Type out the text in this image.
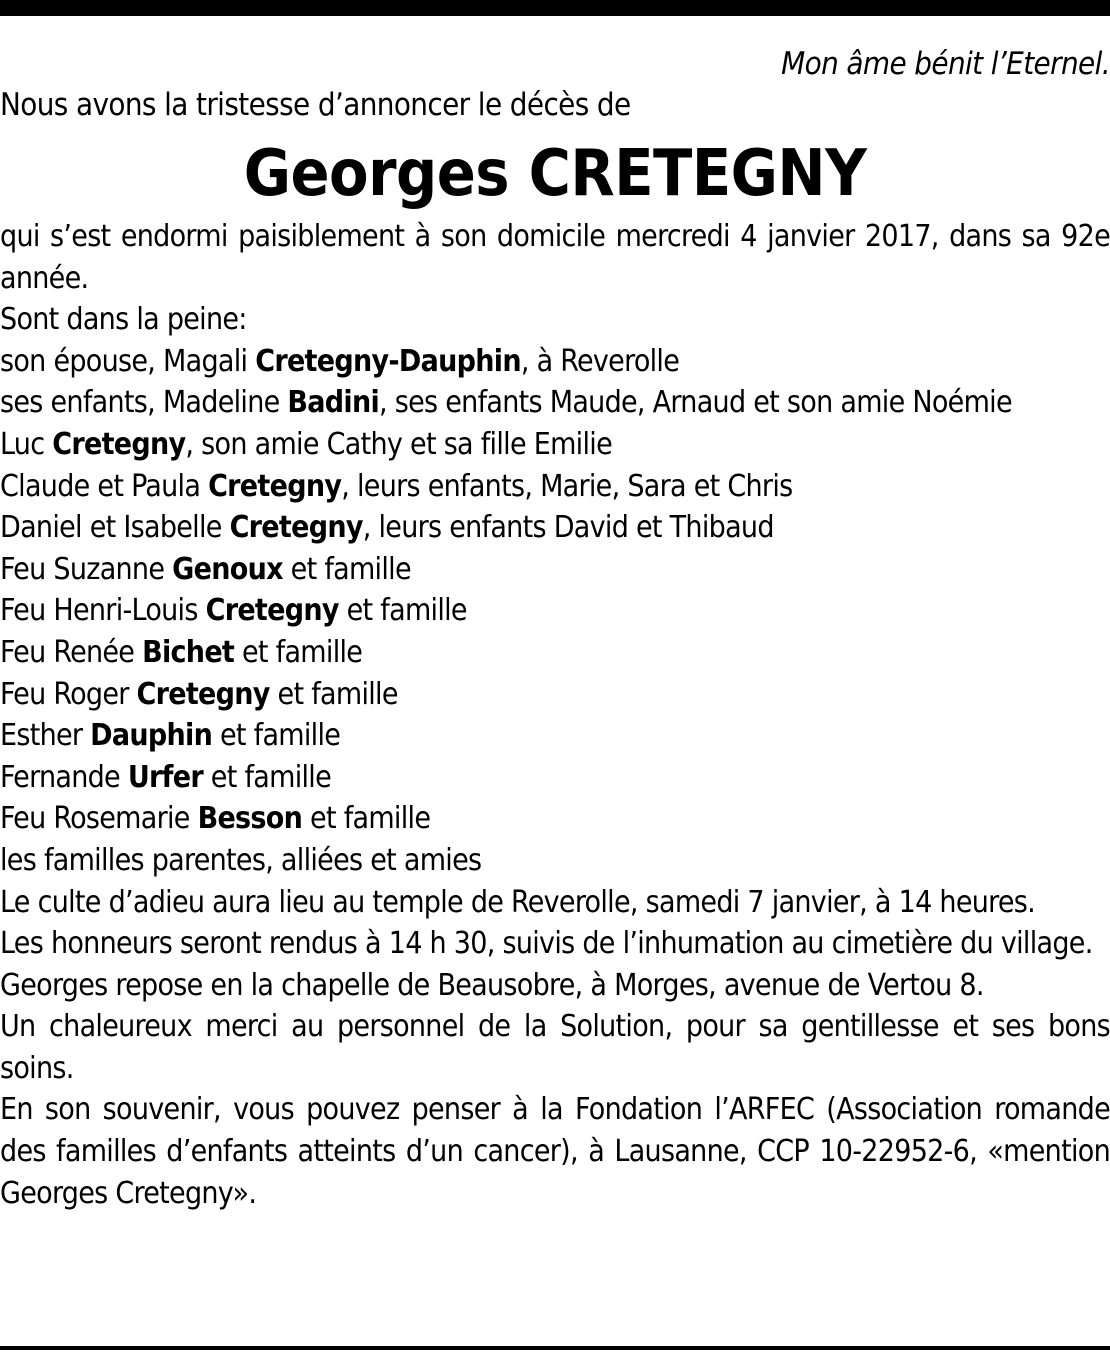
Mon âme bénit l’Eternel.

Nous avons la tristesse d’annoncer le décès de

Georges CRETEGNY

qui s’est endormi paisiblement à son domicile mercredi 4 janvier 2017, dans sa 92e année.

Sont dans la peine:

son épouse, Magali Cretegny-Dauphin, à Reverolle

ses enfants, Madeline Badini, ses enfants Maude, Arnaud et son amie Noémie

Luc Cretegny, son amie Cathy et sa fille Emilie

Claude et Paula Cretegny, leurs enfants, Marie, Sara et Chris

Daniel et Isabelle Cretegny, leurs enfants David et Thibaud

Feu Suzanne Genoux et famille

Feu Henri-Louis Cretegny et famille

Feu Renée Bichet et famille

Feu Roger Cretegny et famille

Esther Dauphin et famille

Fernande Urfer et famille

Feu Rosemarie Besson et famille

les familles parentes, alliées et amies

Le culte d’adieu aura lieu au temple de Reverolle, samedi 7 janvier, à 14 heures.

Les honneurs seront rendus à 14 h 30, suivis de l’inhumation au cimetière du village.

Georges repose en la chapelle de Beausobre, à Morges, avenue de Vertou 8.

Un chaleureux merci au personnel de la Solution, pour sa gentillesse et ses bons soins.

En son souvenir, vous pouvez penser à la Fondation l’ARFEC (Association romande des familles d’enfants atteints d’un cancer), à Lausanne, CCP 10-22952-6, «mention Georges Cretegny».
